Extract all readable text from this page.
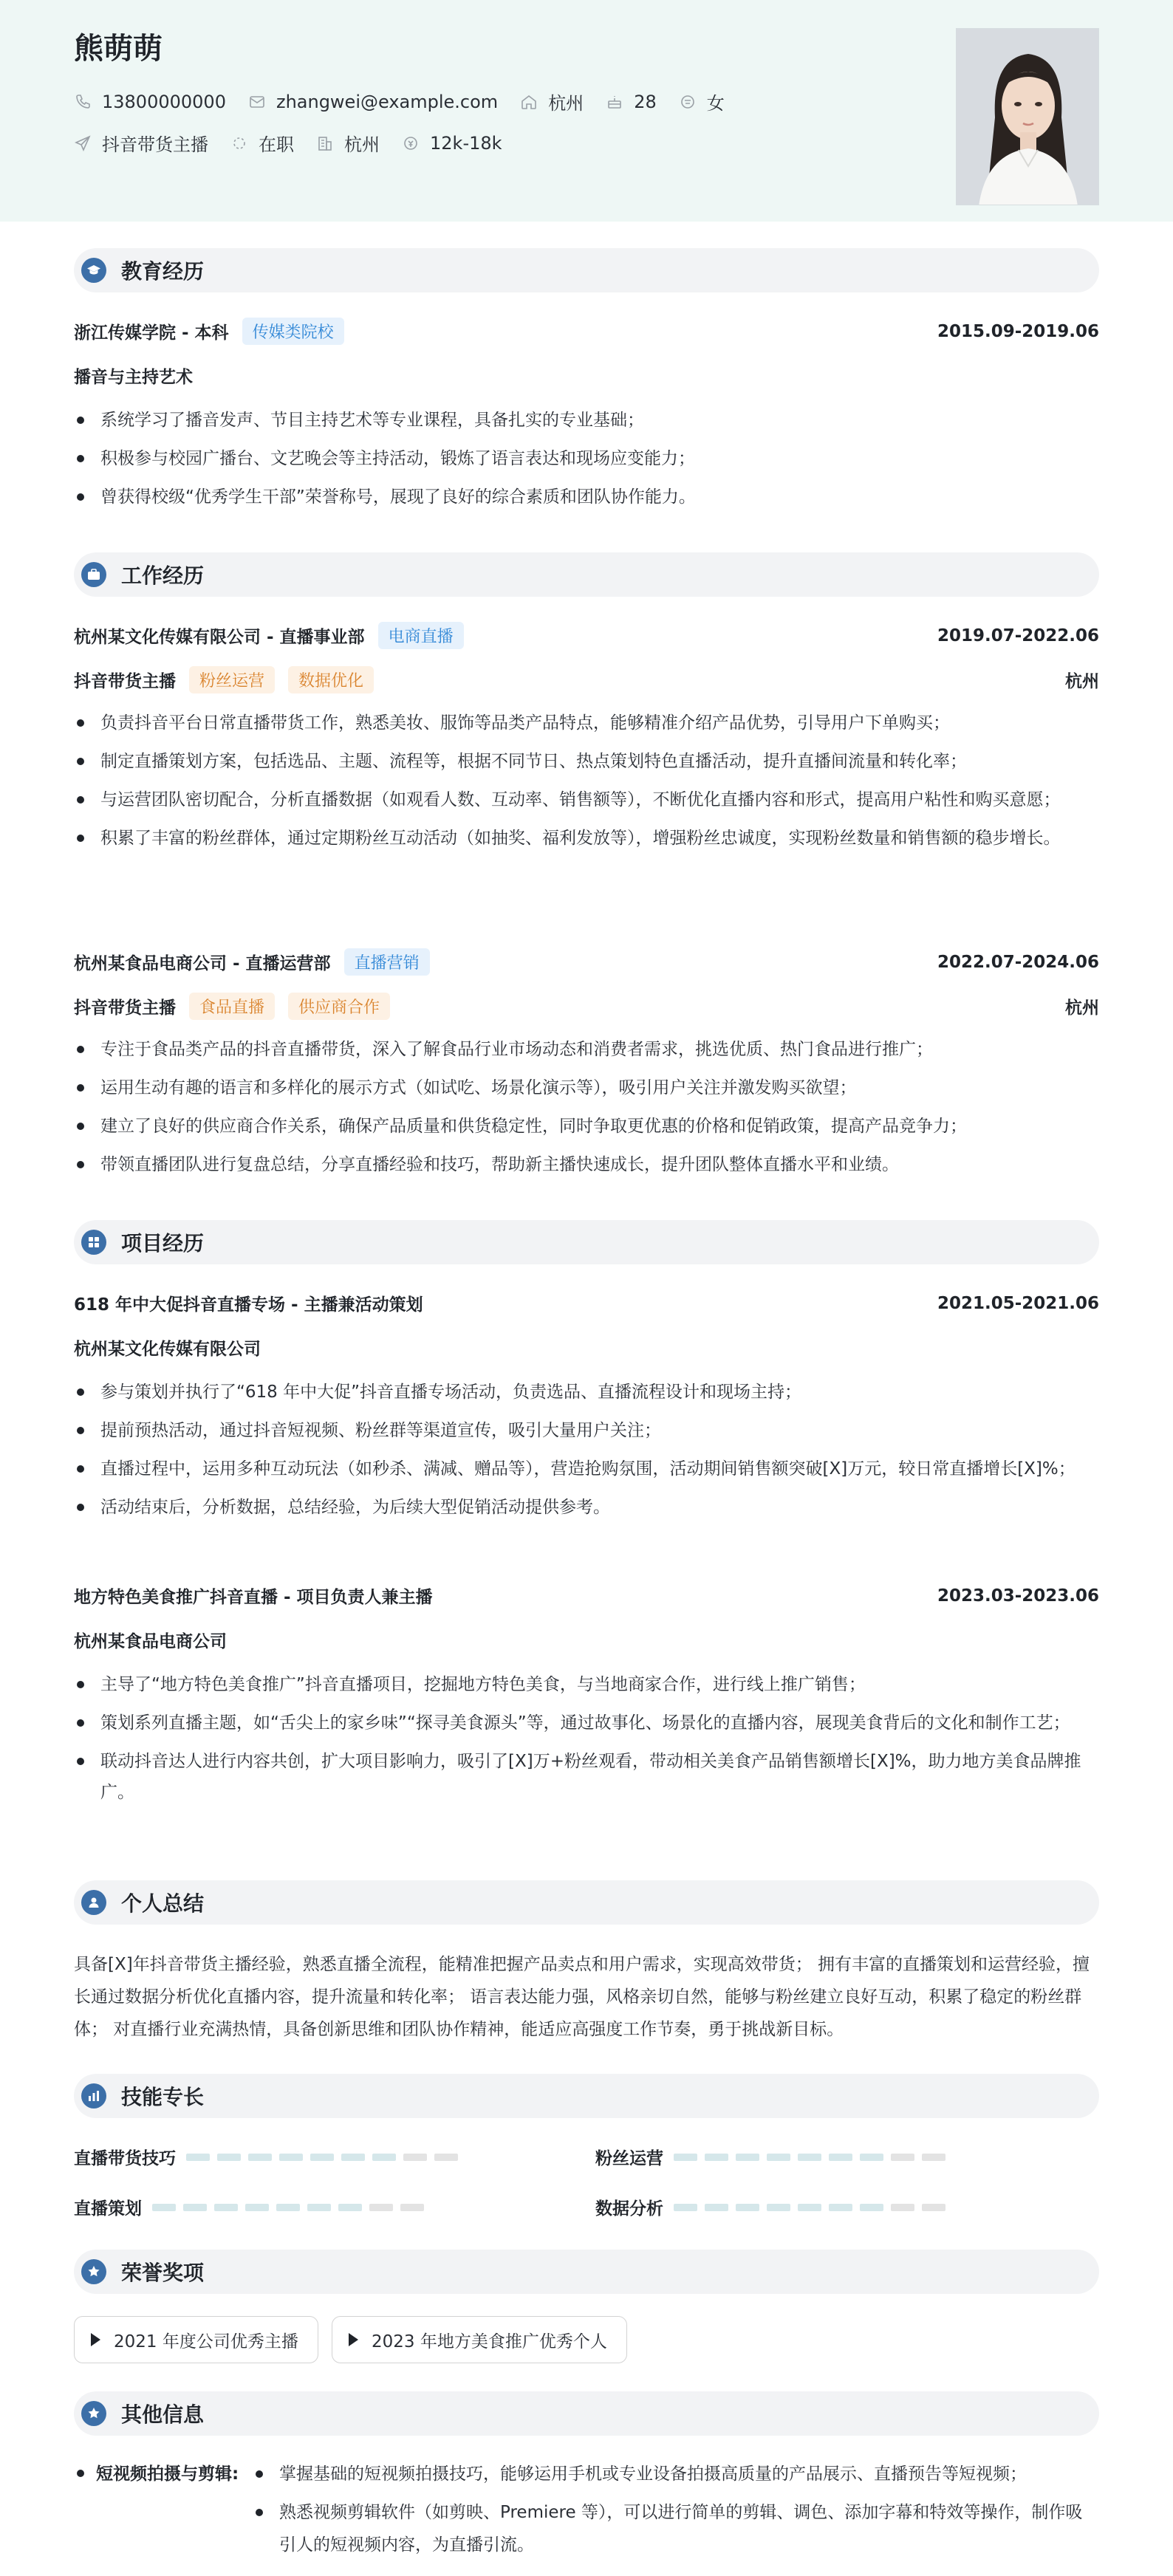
熊萌萌
13800000000	zhangwei@example.com	杭州	28	女
抖音带货主播	在职	杭州	12k-18k
教育经历
浙江传媒学院 - 本科	传媒类院校	2015.09-2019.06
播音与主持艺术
系统学习了播音发声、节目主持艺术等专业课程，具备扎实的专业基础；
积极参与校园广播台、文艺晚会等主持活动，锻炼了语言表达和现场应变能力；
曾获得校级“优秀学生干部”荣誉称号，展现了良好的综合素质和团队协作能力。
工作经历
杭州某文化传媒有限公司 - 直播事业部	电商直播	2019.07-2022.06
抖音带货主播	粉丝运营	数据优化	杭州
负责抖音平台日常直播带货工作，熟悉美妆、服饰等品类产品特点，能够精准介绍产品优势，引导用户下单购买；
制定直播策划方案，包括选品、主题、流程等，根据不同节日、热点策划特色直播活动，提升直播间流量和转化率；
与运营团队密切配合，分析直播数据（如观看人数、互动率、销售额等），不断优化直播内容和形式，提高用户粘性和购买意愿；
积累了丰富的粉丝群体，通过定期粉丝互动活动（如抽奖、福利发放等），增强粉丝忠诚度，实现粉丝数量和销售额的稳步增长。
杭州某食品电商公司 - 直播运营部	直播营销	2022.07-2024.06
抖音带货主播	食品直播	供应商合作	杭州
专注于食品类产品的抖音直播带货，深入了解食品行业市场动态和消费者需求，挑选优质、热门食品进行推广；
运用生动有趣的语言和多样化的展示方式（如试吃、场景化演示等），吸引用户关注并激发购买欲望；
建立了良好的供应商合作关系，确保产品质量和供货稳定性，同时争取更优惠的价格和促销政策，提高产品竞争力；
带领直播团队进行复盘总结，分享直播经验和技巧，帮助新主播快速成长，提升团队整体直播水平和业绩。
项目经历
618 年中大促抖音直播专场 - 主播兼活动策划	2021.05-2021.06
杭州某文化传媒有限公司
参与策划并执行了“618 年中大促”抖音直播专场活动，负责选品、直播流程设计和现场主持；
提前预热活动，通过抖音短视频、粉丝群等渠道宣传，吸引大量用户关注；
直播过程中，运用多种互动玩法（如秒杀、满减、赠品等），营造抢购氛围，活动期间销售额突破[X]万元，较日常直播增长[X]%；
活动结束后，分析数据，总结经验，为后续大型促销活动提供参考。
地方特色美食推广抖音直播 - 项目负责人兼主播	2023.03-2023.06
杭州某食品电商公司
主导了“地方特色美食推广”抖音直播项目，挖掘地方特色美食，与当地商家合作，进行线上推广销售；
策划系列直播主题，如“舌尖上的家乡味”“探寻美食源头”等，通过故事化、场景化的直播内容，展现美食背后的文化和制作工艺；
联动抖音达人进行内容共创，扩大项目影响力，吸引了[X]万+粉丝观看，带动相关美食产品销售额增长[X]%，助力地方美食品牌推广。
个人总结
具备[X]年抖音带货主播经验，熟悉直播全流程，能精准把握产品卖点和用户需求，实现高效带货； 拥有丰富的直播策划和运营经验，擅长通过数据分析优化直播内容，提升流量和转化率； 语言表达能力强，风格亲切自然，能够与粉丝建立良好互动，积累了稳定的粉丝群体； 对直播行业充满热情，具备创新思维和团队协作精神，能适应高强度工作节奏，勇于挑战新目标。
技能专长
直播带货技巧	粉丝运营
直播策划	数据分析
荣誉奖项
2021 年度公司优秀主播	2023 年地方美食推广优秀个人
其他信息
短视频拍摄与剪辑:	掌握基础的短视频拍摄技巧，能够运用手机或专业设备拍摄高质量的产品展示、直播预告等短视频；
熟悉视频剪辑软件（如剪映、Premiere 等），可以进行简单的剪辑、调色、添加字幕和特效等操作，制作吸引人的短视频内容，为直播引流。
